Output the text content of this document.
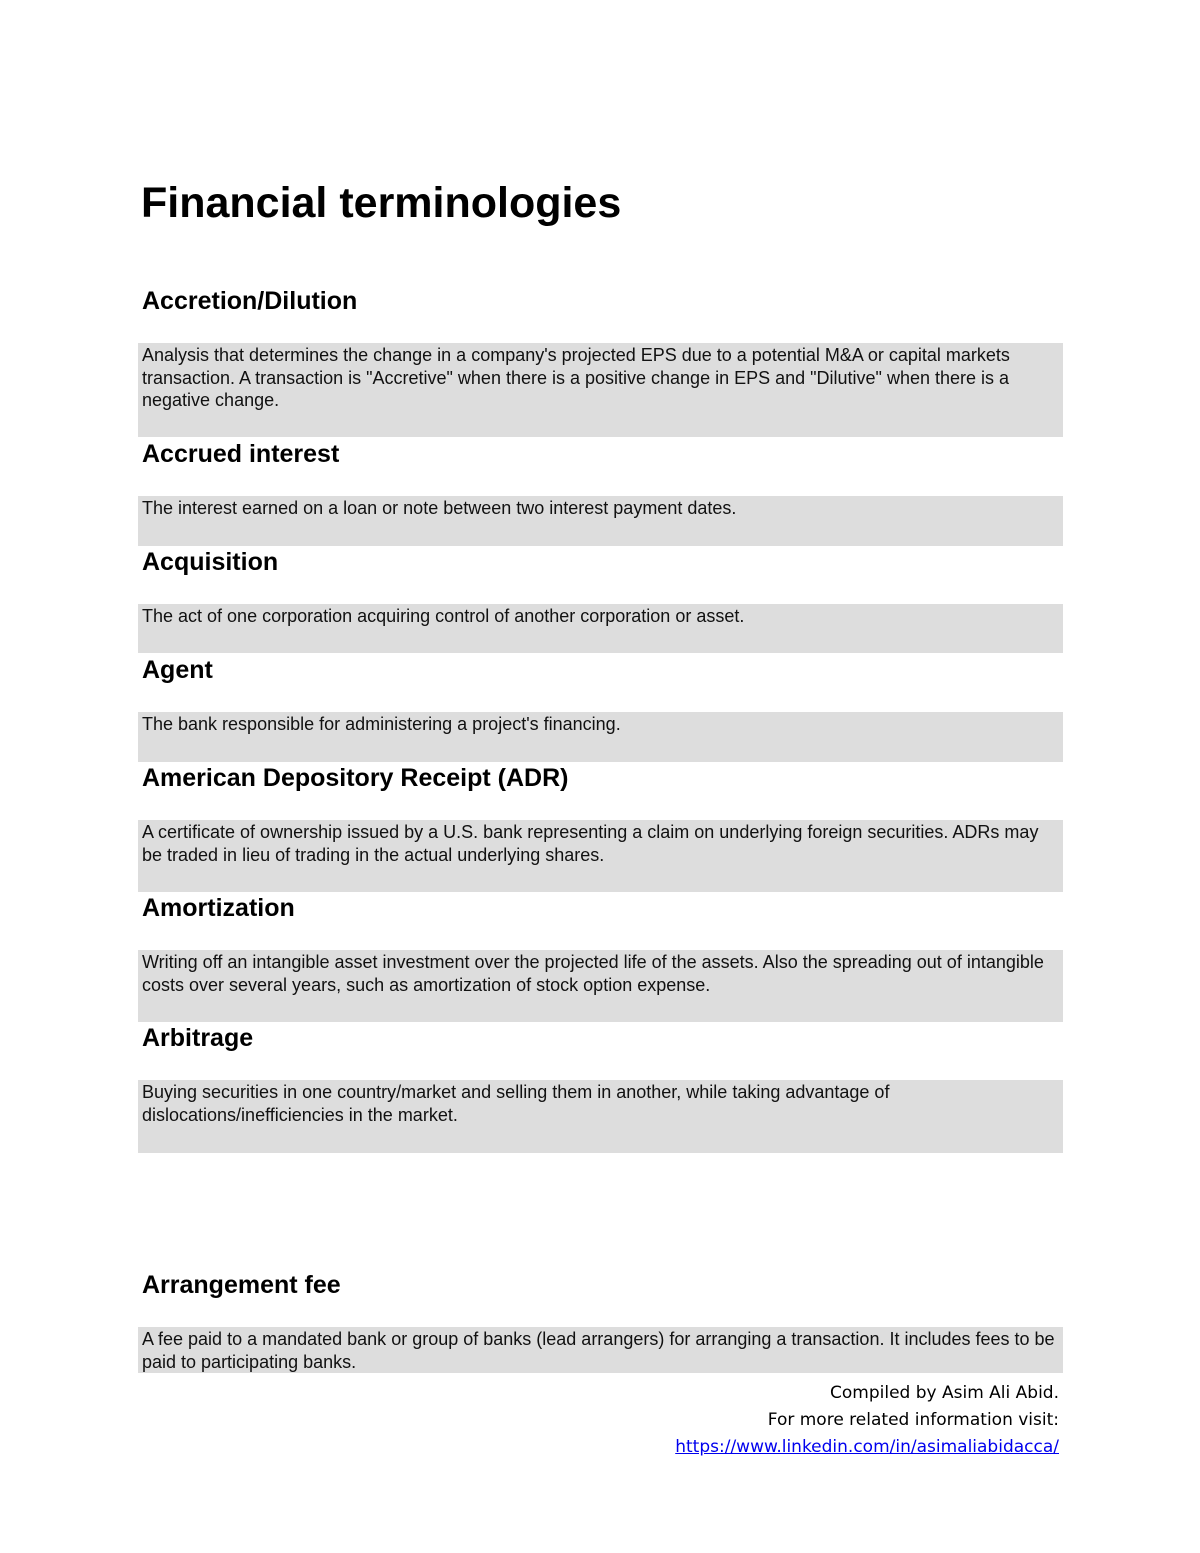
Financial terminologies
Accretion/Dilution
Analysis that determines the change in a company's projected EPS due to a potential M&A or capital markets transaction. A transaction is "Accretive" when there is a positive change in EPS and "Dilutive" when there is a negative change.
Accrued interest
The interest earned on a loan or note between two interest payment dates.
Acquisition
The act of one corporation acquiring control of another corporation or asset.
Agent
The bank responsible for administering a project's financing.
American Depository Receipt (ADR)
A certificate of ownership issued by a U.S. bank representing a claim on underlying foreign securities. ADRs may be traded in lieu of trading in the actual underlying shares.
Amortization
Writing off an intangible asset investment over the projected life of the assets. Also the spreading out of intangible costs over several years, such as amortization of stock option expense.
Arbitrage
Buying securities in one country/market and selling them in another, while taking advantage of dislocations/inefficiencies in the market.
Arrangement fee
A fee paid to a mandated bank or group of banks (lead arrangers) for arranging a transaction. It includes fees to be paid to participating banks.
Compiled by Asim Ali Abid.
For more related information visit:
https://www.linkedin.com/in/asimaliabidacca/
